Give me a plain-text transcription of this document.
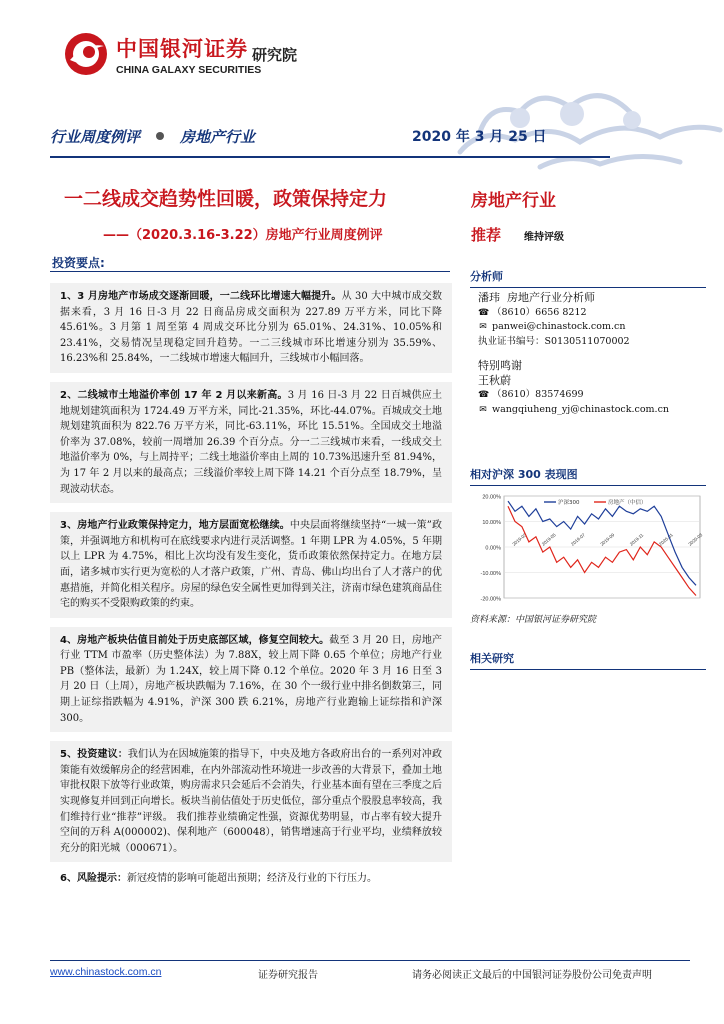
中国银河证券
CHINA GALAXY SECURITIES
研究院
行业周度例评	房地产行业	2020 年 3 月 25 日
一二线成交趋势性回暖，政策保持定力
——（2020.3.16-3.22）房地产行业周度例评
房地产行业
推荐 维持评级
投资要点:
1、3 月房地产市场成交逐渐回暖，一二线环比增速大幅提升。从 30 大中城市成交数据来看，3 月 16 日-3 月 22 日商品房成交面积为 227.89 万平方米，同比下降 45.61%。3 月第 1 周至第 4 周成交环比分别为 65.01%、24.31%、10.05%和 23.41%，交易情况呈现稳定回升趋势。一二三线城市环比增速分别为 35.59%、16.23%和 25.84%，一二线城市增速大幅回升，三线城市小幅回落。
2、二线城市土地溢价率创 17 年 2 月以来新高。3 月 16 日-3 月 22 日百城供应土地规划建筑面积为 1724.49 万平方米，同比-21.35%，环比-44.07%。百城成交土地规划建筑面积为 822.76 万平方米，同比-63.11%，环比 15.51%。全国成交土地溢价率为 37.08%，较前一周增加 26.39 个百分点。分一二三线城市来看，一线成交土地溢价率为 0%，与上周持平；二线土地溢价率由上周的 10.73%迅速升至 81.94%，为 17 年 2 月以来的最高点；三线溢价率较上周下降 14.21 个百分点至 18.79%，呈现波动状态。
3、房地产行业政策保持定力，地方层面宽松继续。中央层面将继续坚持“一城一策”政策，并强调地方和机构可在底线要求内进行灵活调整。1 年期 LPR 为 4.05%，5 年期以上 LPR 为 4.75%，相比上次均没有发生变化，货币政策依然保持定力。在地方层面，诸多城市实行更为宽松的人才落户政策，广州、青岛、佛山均出台了人才落户的优惠措施，并简化相关程序。房屋的绿色安全属性更加得到关注，济南市绿色建筑商品住宅的购买不受限购政策的约束。
4、房地产板块估值目前处于历史底部区域，修复空间较大。截至 3 月 20 日，房地产行业 TTM 市盈率（历史整体法）为 7.88X，较上周下降 0.65 个单位；房地产行业 PB（整体法，最新）为 1.24X，较上周下降 0.12 个单位。2020 年 3 月 16 日至 3 月 20 日（上周），房地产板块跌幅为 7.16%，在 30 个一级行业中排名倒数第三，同期上证综指跌幅为 4.91%，沪深 300 跌 6.21%，房地产行业跑输上证综指和沪深 300。
5、投资建议：我们认为在因城施策的指导下，中央及地方各政府出台的一系列对冲政策能有效缓解房企的经营困难，在内外部流动性环境进一步改善的大背景下，叠加土地审批权限下放等行业政策，购房需求只会延后不会消失，行业基本面有望在三季度之后实现修复并回到正向增长。板块当前估值处于历史低位，部分重点个股股息率较高，我们维持行业“推荐”评级。 我们推荐业绩确定性强，资源优势明显，市占率有较大提升空间的万科 A(000002)、保利地产（600048），销售增速高于行业平均，业绩释放较充分的阳光城（000671）。
6、风险提示：新冠疫情的影响可能超出预期；经济及行业的下行压力。
分析师
潘玮 房地产行业分析师
☎ （8610）6656 8212
✉ panwei@chinastock.com.cn
执业证书编号：S0130511070002
特别鸣谢
王秋蔚
☎ （8610）83574699
✉ wangqiuheng_yj@chinastock.com.cn
相对沪深 300 表现图
20.00%
10.00%
0.00%
-10.00%
-20.00%
2019-03	2019-05	2019-07	2019-09	2019-11	2020-01	2020-03
沪深300	房地产（中信）
资料来源：中国银河证券研究院
相关研究
www.chinastock.com.cn	证券研究报告	请务必阅读正文最后的中国银河证券股份公司免责声明
